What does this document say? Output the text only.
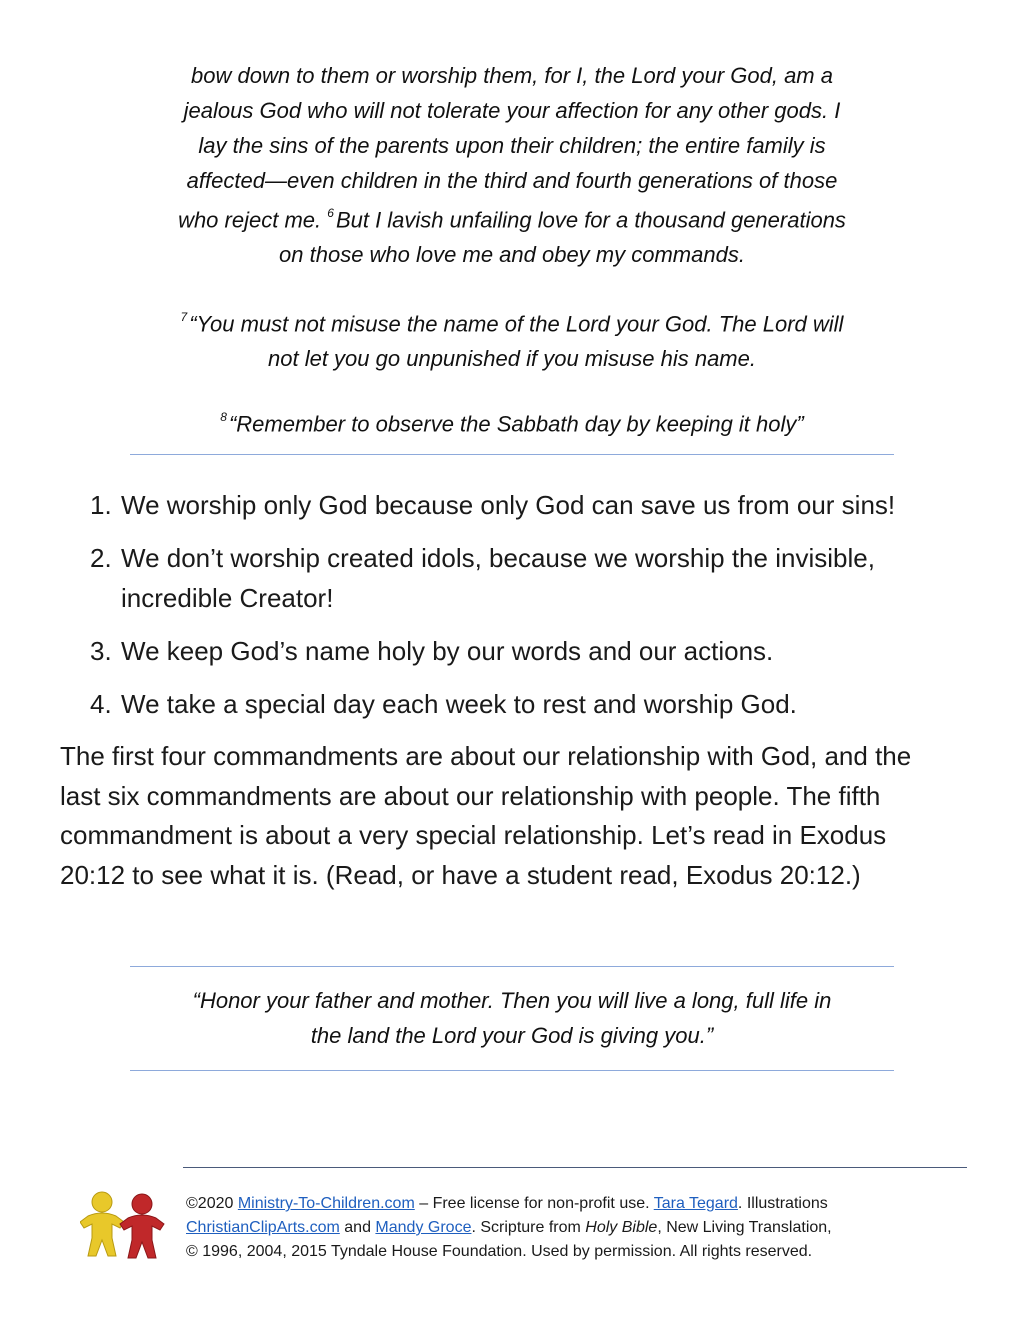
bow down to them or worship them, for I, the Lord your God, am a
jealous God who will not tolerate your affection for any other gods. I
lay the sins of the parents upon their children; the entire family is
affected—even children in the third and fourth generations of those
who reject me. $^6$But I lavish unfailing love for a thousand generations
on those who love me and obey my commands.
$^7$“You must not misuse the name of the Lord your God. The Lord will
not let you go unpunished if you misuse his name.
$^8$“Remember to observe the Sabbath day by keeping it holy”
1. We worship only God because only God can save us from our sins!
2. We don’t worship created idols, because we worship the invisible, incredible Creator!
3. We keep God’s name holy by our words and our actions.
4. We take a special day each week to rest and worship God.

The first four commandments are about our relationship with God, and the last six commandments are about our relationship with people. The fifth commandment is about a very special relationship. Let’s read in Exodus 20:12 to see what it is. (Read, or have a student read, Exodus 20:12.)

“Honor your father and mother. Then you will live a long, full life in
the land the Lord your God is giving you.”
©2020 Ministry-To-Children.com – Free license for non-profit use. Tara Tegard. Illustrations
ChristianClipArts.com and Mandy Groce. Scripture from Holy Bible, New Living Translation,
© 1996, 2004, 2015 Tyndale House Foundation. Used by permission. All rights reserved.
